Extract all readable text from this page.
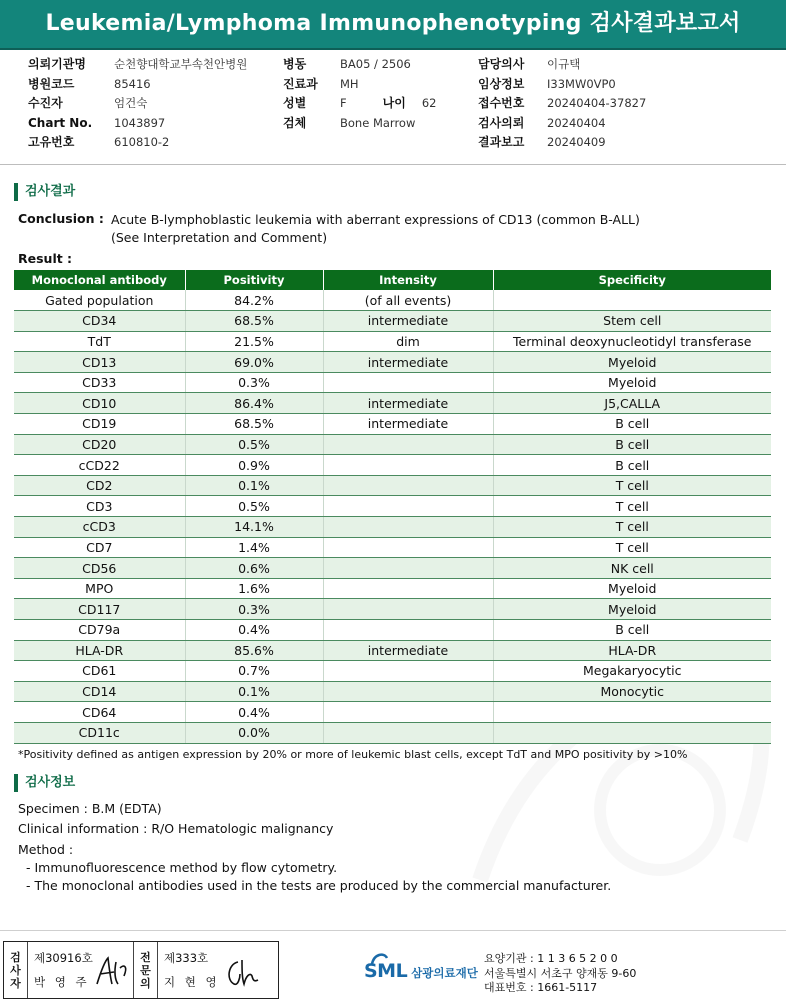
Leukemia/Lymphoma Immunophenotyping 검사결과보고서
의뢰기관명 순천향대학교부속천안병원
병원코드	85416
수진자	엄건숙
Chart No. 1043897
고유번호	610810-2
병동	BA05 / 2506
진료과 MH
성별	F	나이 62
검체	Bone Marrow
담당의사 이규택
임상정보 I33MW0VP0
접수번호 20240404-37827
검사의뢰 20240404
결과보고 20240409
검사결과
Conclusion : Acute B-lymphoblastic leukemia with aberrant expressions of CD13 (common B-ALL)
(See Interpretation and Comment)
Result :
Monoclonal antibody	Positivity	Intensity	Specificity
Gated population	84.2%	(of all events)	
CD34	68.5%	intermediate	Stem cell
TdT	21.5%	dim	Terminal deoxynucleotidyl transferase
CD13	69.0%	intermediate	Myeloid
CD33	0.3%		Myeloid
CD10	86.4%	intermediate	J5,CALLA
CD19	68.5%	intermediate	B cell
CD20	0.5%		B cell
cCD22	0.9%		B cell
CD2	0.1%		T cell
CD3	0.5%		T cell
cCD3	14.1%		T cell
CD7	1.4%		T cell
CD56	0.6%		NK cell
MPO	1.6%		Myeloid
CD117	0.3%		Myeloid
CD79a	0.4%		B cell
HLA-DR	85.6%	intermediate	HLA-DR
CD61	0.7%		Megakaryocytic
CD14	0.1%		Monocytic
CD64	0.4%		
CD11c	0.0%		
*Positivity defined as antigen expression by 20% or more of leukemic blast cells, except TdT and MPO positivity by >10%
검사정보
Specimen : B.M (EDTA)
Clinical information : R/O Hematologic malignancy
Method :
- Immunofluorescence method by flow cytometry.
- The monoclonal antibodies used in the tests are produced by the commercial manufacturer.
검
사
자
제30916호
박 영 주
전
문
의
제333호
지 현 영	SML 삼광의료재단
요양기관 : 1 1 3 6 5 2 0 0
서울특별시 서초구 양재동 9-60
대표번호 : 1661-5117
